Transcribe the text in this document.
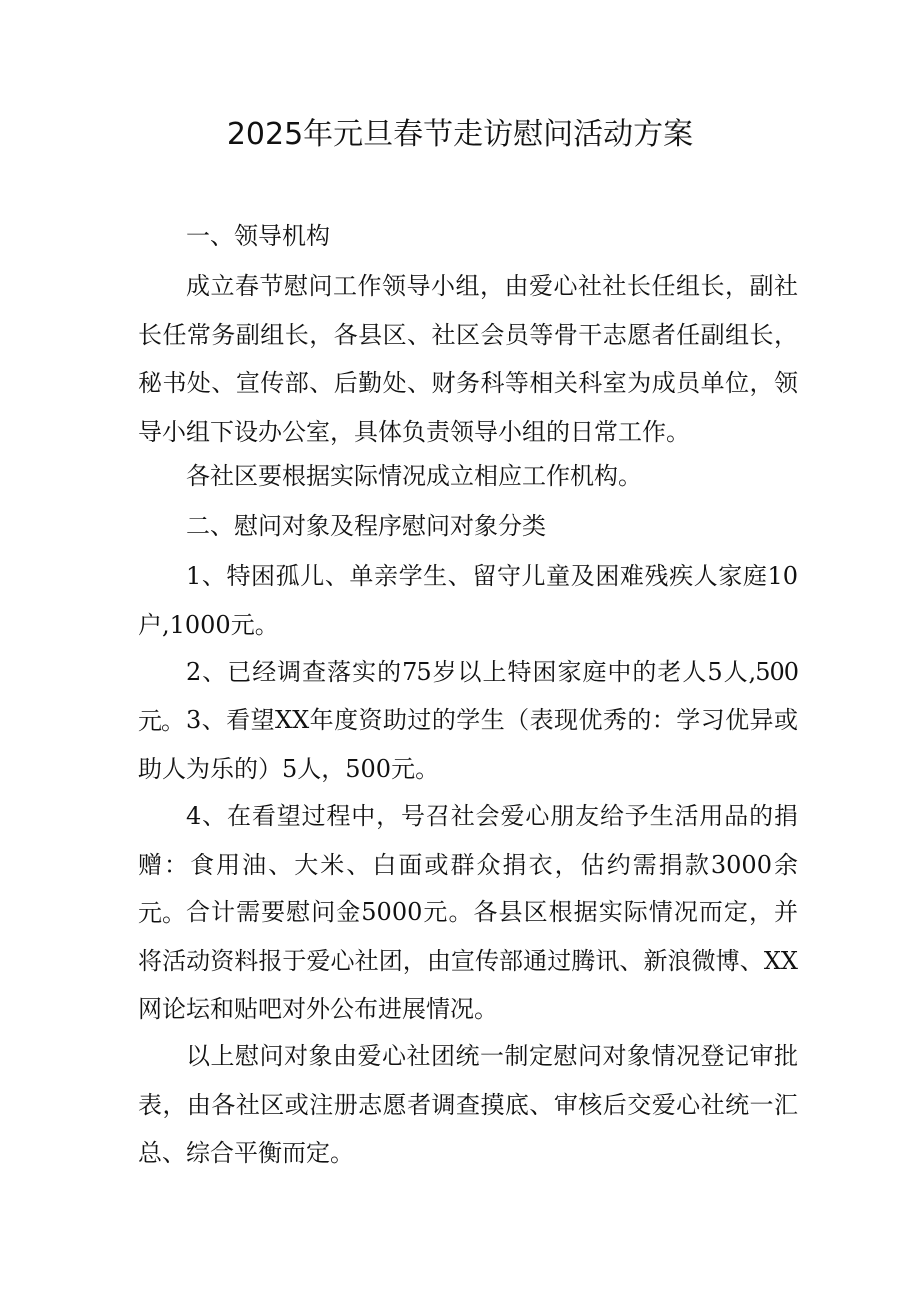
2025年元旦春节走访慰问活动方案
一、领导机构

成立春节慰问工作领导小组，由爱心社社长任组长，副社长任常务副组长，各县区、社区会员等骨干志愿者任副组长，秘书处、宣传部、后勤处、财务科等相关科室为成员单位，领导小组下设办公室，具体负责领导小组的日常工作。

各社区要根据实际情况成立相应工作机构。

二、慰问对象及程序慰问对象分类

1、特困孤儿、单亲学生、留守儿童及困难残疾人家庭10户,1000元。

2、已经调查落实的75岁以上特困家庭中的老人5人,500元。 3、看望XX年度资助过的学生（表现优秀的：学习优异或助人为乐的）5人，500元。

4、在看望过程中，号召社会爱心朋友给予生活用品的捐赠：食用油、大米、白面或群众捐衣，估约需捐款3000余元。 合计需要慰问金5000元。各县区根据实际情况而定，并将活动资料报于爱心社团，由宣传部通过腾讯、新浪微博、XX网论坛和贴吧对外公布进展情况。

以上慰问对象由爱心社团统一制定慰问对象情况登记审批表，由各社区或注册志愿者调查摸底、审核后交爱心社统一汇总、综合平衡而定。
